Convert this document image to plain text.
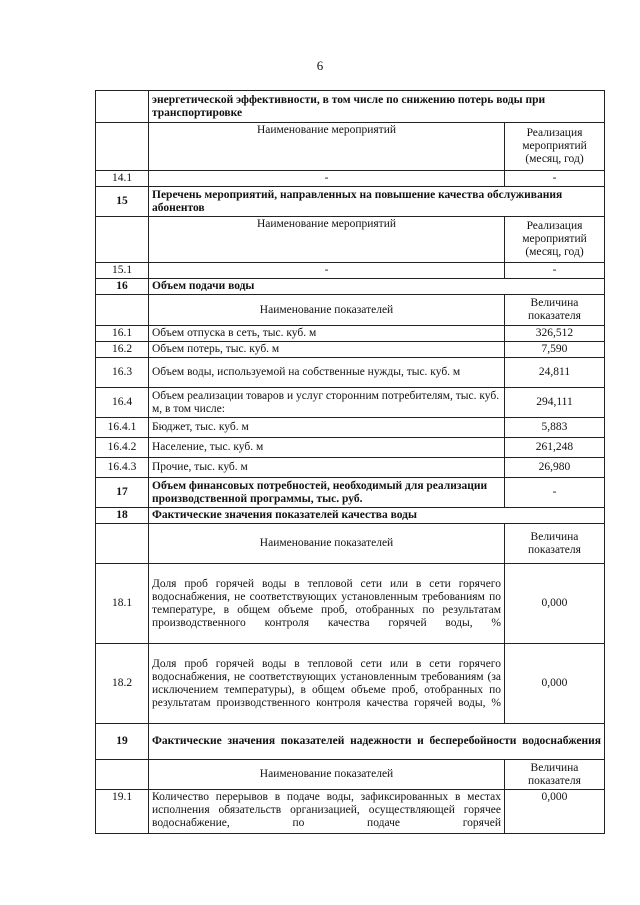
6
	энергетической эффективности, в том числе по снижению потерь воды при транспортировке	
	Наименование мероприятий	Реализация мероприятий (месяц, год)
14.1	-	-
15	Перечень мероприятий, направленных на повышение качества обслуживания абонентов	
	Наименование мероприятий	Реализация мероприятий (месяц, год)
15.1	-	-
16	Объем подачи воды	
	Наименование показателей	Величина показателя
16.1	Объем отпуска в сеть, тыс. куб. м	326,512
16.2	Объем потерь, тыс. куб. м	7,590
16.3	Объем воды, используемой на собственные нужды, тыс. куб. м	24,811
16.4	Объем реализации товаров и услуг сторонним потребителям, тыс. куб. м, в том числе:	294,111
16.4.1	Бюджет, тыс. куб. м	5,883
16.4.2	Население, тыс. куб. м	261,248
16.4.3	Прочие, тыс. куб. м	26,980
17	Объем финансовых потребностей, необходимый для реализации производственной программы, тыс. руб.	-
18	Фактические значения показателей качества воды	
	Наименование показателей	Величина показателя
18.1	Доля проб горячей воды в тепловой сети или в сети горячего водоснабжения, не соответствующих установленным требованиям по температуре, в общем объеме проб, отобранных по результатам производственного контроля качества горячей воды, %	0,000
18.2	Доля проб горячей воды в тепловой сети или в сети горячего водоснабжения, не соответствующих установленным требованиям (за исключением температуры), в общем объеме проб, отобранных по результатам производственного контроля качества горячей воды, %	0,000
19	Фактические значения показателей надежности и бесперебойности водоснабжения	
	Наименование показателей	Величина показателя
19.1	Количество перерывов в подаче воды, зафиксированных в местах исполнения обязательств организацией, осуществляющей горячее водоснабжение, по подаче горячей	0,000
